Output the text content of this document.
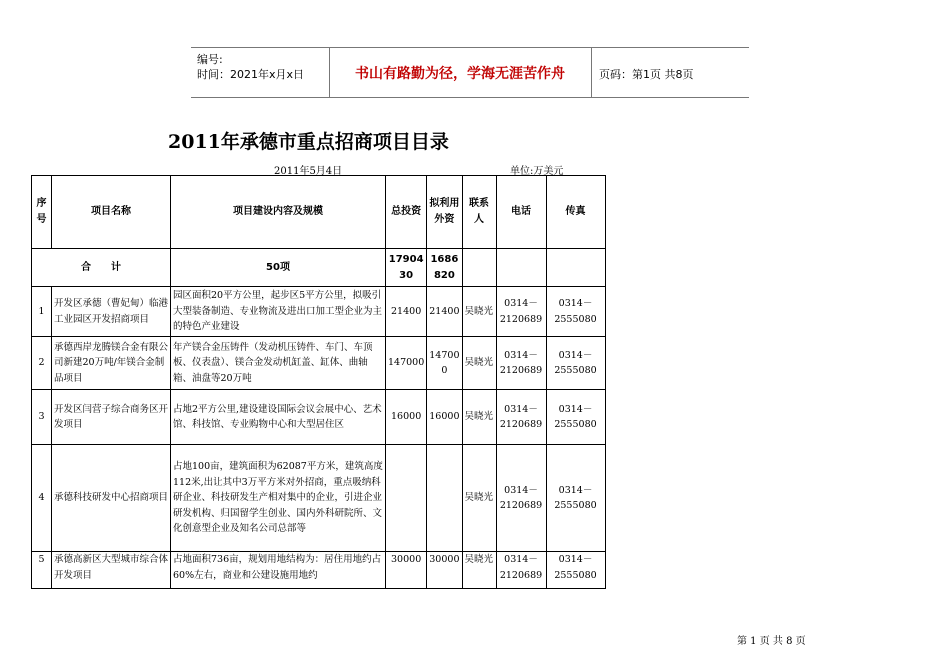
编号:
时间：2021年x月x日	书山有路勤为径，学海无涯苦作舟	页码：第1页 共8页
2011年承德市重点招商项目目录
2011年5月4日	单位:万美元
序号	项目名称	项目建设内容及规模	总投资	拟利用外资	联系人	电话	传真
合　　计		50项	1790430	1686820			
1	开发区承德（曹妃甸）临港工业园区开发招商项目	园区面积20平方公里，起步区5平方公里，拟吸引大型装备制造、专业物流及进出口加工型企业为主的特色产业建设	21400	21400	吴晓光	0314－2120689	0314－2555080
2	承德西岸龙腾镁合金有限公司新建20万吨/年镁合金制品项目	年产镁合金压铸件（发动机压铸件、车门、车顶板、仪表盘）、镁合金发动机缸盖、缸体、曲轴箱、油盘等20万吨	147000	147000	吴晓光	0314－2120689	0314－2555080
3	开发区闫营子综合商务区开发项目	占地2平方公里,建设建设国际会议会展中心、艺术馆、科技馆、专业购物中心和大型居住区	16000	16000	吴晓光	0314－2120689	0314－2555080
4	承德科技研发中心招商项目	占地100亩，建筑面积为62087平方米，建筑高度112米,出让其中3万平方米对外招商，重点吸纳科研企业、科技研发生产相对集中的企业，引进企业研发机构、归国留学生创业、国内外科研院所、文化创意型企业及知名公司总部等			吴晓光	0314－2120689	0314－2555080
5	承德高新区大型城市综合体开发项目	占地面积736亩，规划用地结构为：居住用地约占60%左右，商业和公建设施用地约	30000	30000	吴晓光	0314－2120689	0314－2555080
第 1 页 共 8 页
